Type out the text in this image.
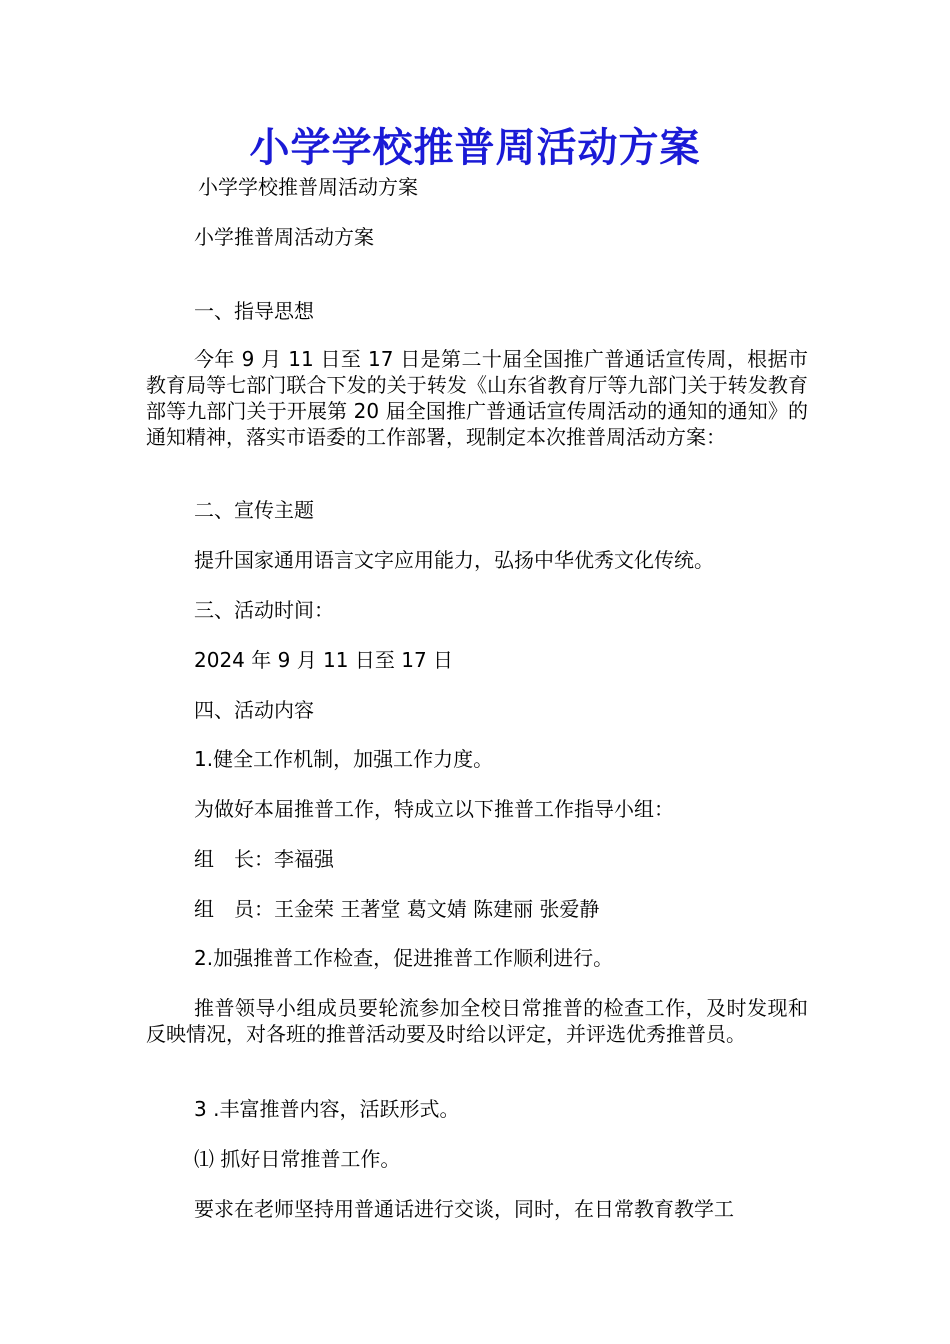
小学学校推普周活动方案

小学学校推普周活动方案

小学推普周活动方案

一、指导思想

今年 9 月 11 日至 17 日是第二十届全国推广普通话宣传周，根据市教育局等七部门联合下发的关于转发《山东省教育厅等九部门关于转发教育部等九部门关于开展第 20 届全国推广普通话宣传周活动的通知的通知》的通知精神，落实市语委的工作部署，现制定本次推普周活动方案：

二、宣传主题

提升国家通用语言文字应用能力，弘扬中华优秀文化传统。

三、活动时间：

2024 年 9 月 11 日至 17 日

四、活动内容

1.健全工作机制，加强工作力度。

为做好本届推普工作，特成立以下推普工作指导小组：

组　长：李福强

组　员：王金荣 王著堂 葛文婧 陈建丽 张爱静

2.加强推普工作检查，促进推普工作顺利进行。

推普领导小组成员要轮流参加全校日常推普的检查工作，及时发现和反映情况，对各班的推普活动要及时给以评定，并评选优秀推普员。

3 .丰富推普内容，活跃形式。

⑴ 抓好日常推普工作。

要求在老师坚持用普通话进行交谈，同时，在日常教育教学工
